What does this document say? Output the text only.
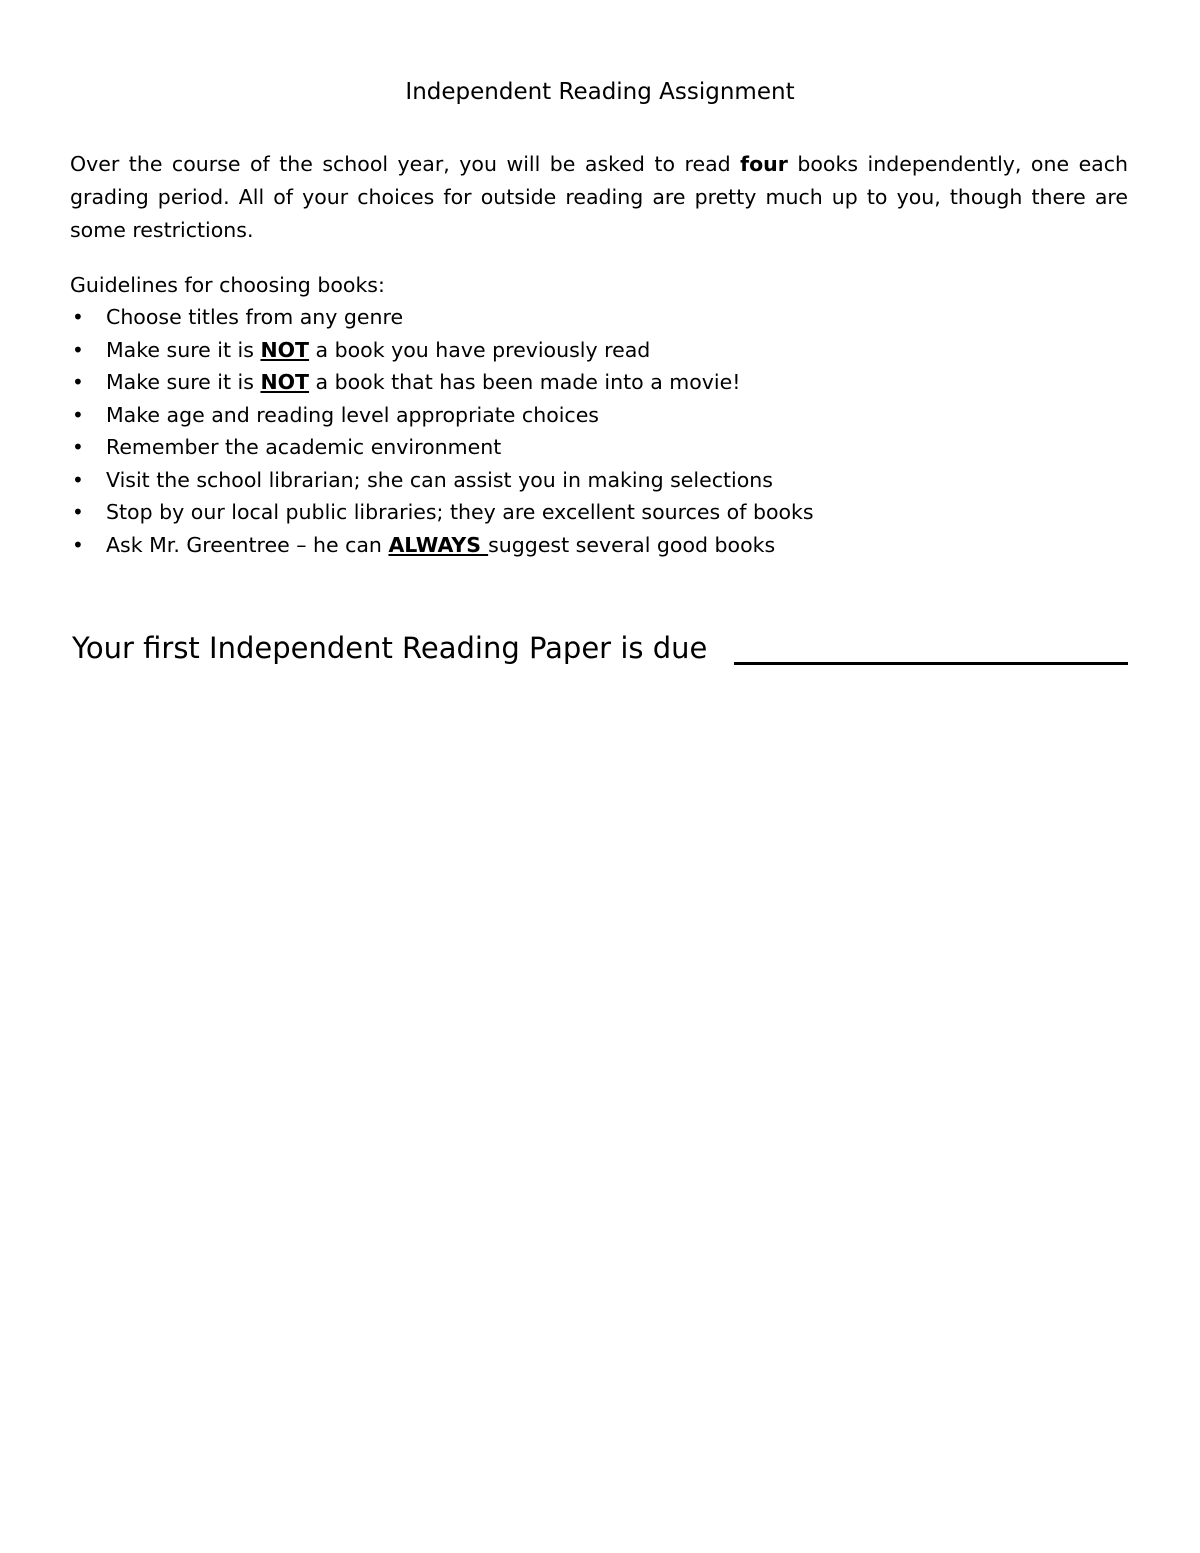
Independent Reading Assignment

Over the course of the school year, you will be asked to read four books independently, one each grading period. All of your choices for outside reading are pretty much up to you, though there are some restrictions.

Guidelines for choosing books:

• Choose titles from any genre
• Make sure it is NOT a book you have previously read
• Make sure it is NOT a book that has been made into a movie!
• Make age and reading level appropriate choices
• Remember the academic environment
• Visit the school librarian; she can assist you in making selections
• Stop by our local public libraries; they are excellent sources of books
• Ask Mr. Greentree – he can ALWAYS suggest several good books

Your first Independent Reading Paper is due
